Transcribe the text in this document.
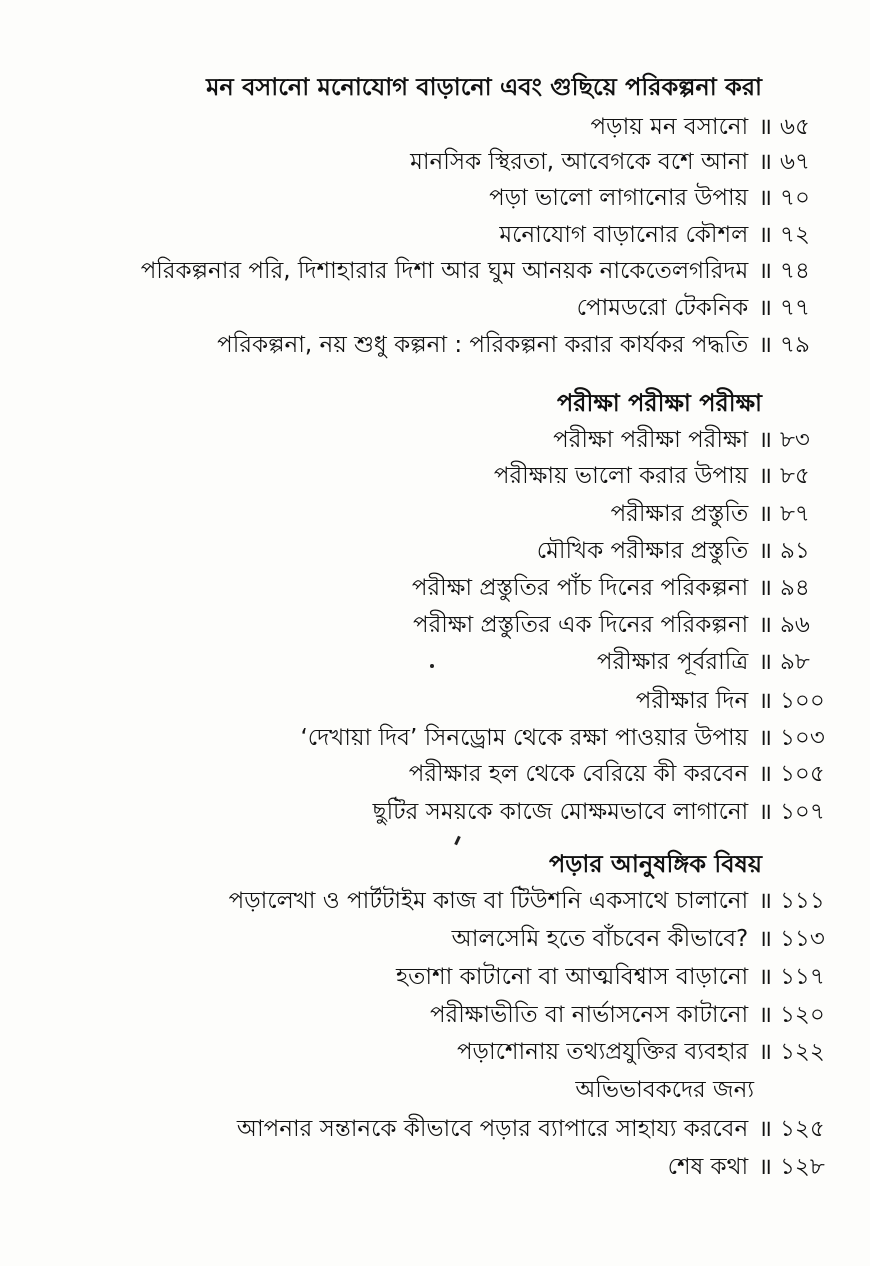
মন বসানো মনোযোগ বাড়ানো এবং গুছিয়ে পরিকল্পনা করা
পড়ায় মন বসানো ॥ ৬৫
মানসিক স্থিরতা, আবেগকে বশে আনা ॥ ৬৭
পড়া ভালো লাগানোর উপায় ॥ ৭০
মনোযোগ বাড়ানোর কৌশল ॥ ৭২
পরিকল্পনার পরি, দিশাহারার দিশা আর ঘুম আনয়ক নাকেতেলগরিদম ॥ ৭৪
পোমডরো টেকনিক ॥ ৭৭
পরিকল্পনা, নয় শুধু কল্পনা : পরিকল্পনা করার কার্যকর পদ্ধতি ॥ ৭৯
পরীক্ষা পরীক্ষা পরীক্ষা
পরীক্ষা পরীক্ষা পরীক্ষা ॥ ৮৩
পরীক্ষায় ভালো করার উপায় ॥ ৮৫
পরীক্ষার প্রস্তুতি ॥ ৮৭
মৌখিক পরীক্ষার প্রস্তুতি ॥ ৯১
পরীক্ষা প্রস্তুতির পাঁচ দিনের পরিকল্পনা ॥ ৯৪
পরীক্ষা প্রস্তুতির এক দিনের পরিকল্পনা ॥ ৯৬
পরীক্ষার পূর্বরাত্রি ॥ ৯৮
পরীক্ষার দিন ॥ ১০০
‘দেখায়া দিব’ সিনড্রোম থেকে রক্ষা পাওয়ার উপায় ॥ ১০৩
পরীক্ষার হল থেকে বেরিয়ে কী করবেন ॥ ১০৫
ছুটির সময়কে কাজে মোক্ষমভাবে লাগানো ॥ ১০৭
পড়ার আনুষঙ্গিক বিষয়
পড়ালেখা ও পার্টটাইম কাজ বা টিউশনি একসাথে চালানো ॥ ১১১
আলসেমি হতে বাঁচবেন কীভাবে? ॥ ১১৩
হতাশা কাটানো বা আত্মবিশ্বাস বাড়ানো ॥ ১১৭
পরীক্ষাভীতি বা নার্ভাসনেস কাটানো ॥ ১২০
পড়াশোনায় তথ্যপ্রযুক্তির ব্যবহার ॥ ১২২
অভিভাবকদের জন্য
আপনার সন্তানকে কীভাবে পড়ার ব্যাপারে সাহায্য করবেন ॥ ১২৫
শেষ কথা ॥ ১২৮
